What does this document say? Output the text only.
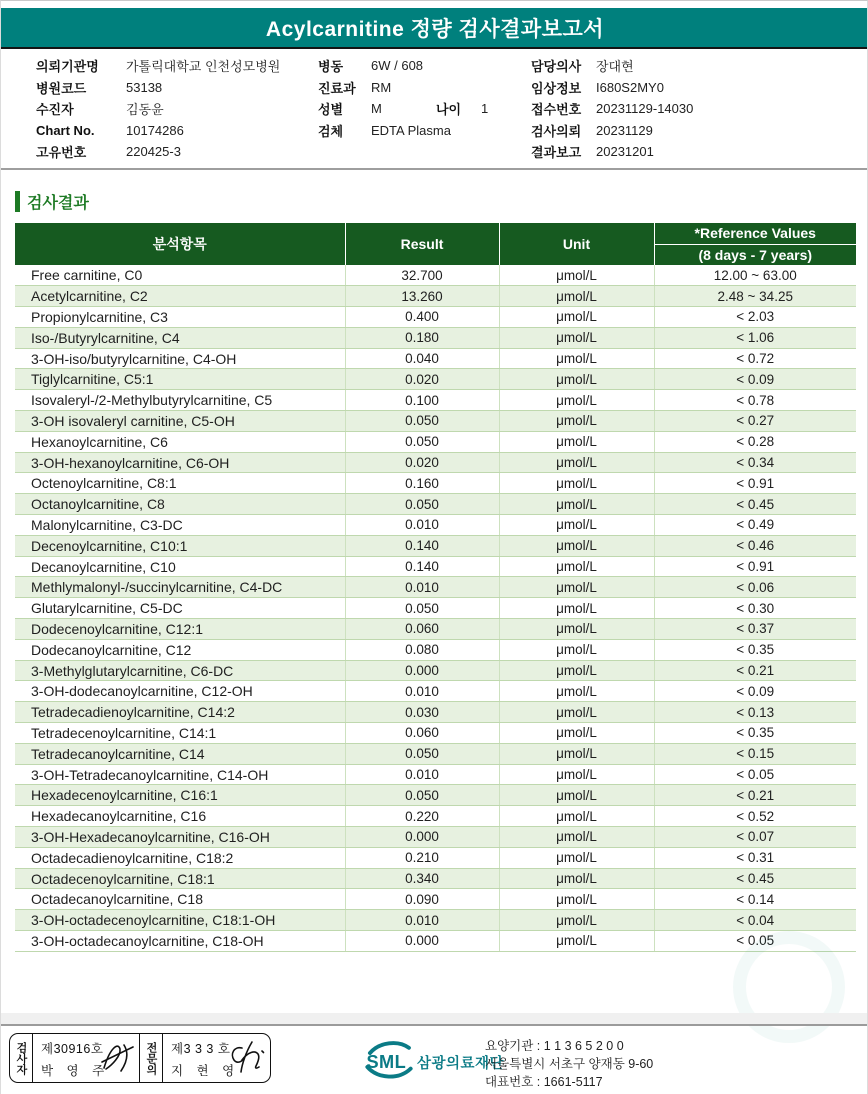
Acylcarnitine 정량 검사결과보고서
의뢰기관명	가톨릭대학교 인천성모병원
병원코드	53138
수진자	김동윤
Chart No.	10174286
고유번호	220425-3
병동	6W / 608
진료과	RM
성별	M	나이	1
검체	EDTA Plasma
담당의사	장대현
임상정보	I680S2MY0
접수번호	20231129-14030
검사의뢰	20231129
결과보고	20231201
검사결과
분석항목	Result	Unit	*Reference Values
			(8 days - 7 years)
Free carnitine, C0	32.700	μmol/L	12.00 ~ 63.00
Acetylcarnitine, C2	13.260	μmol/L	2.48 ~ 34.25
Propionylcarnitine, C3	0.400	μmol/L	< 2.03
Iso-/Butyrylcarnitine, C4	0.180	μmol/L	< 1.06
3-OH-iso/butyrylcarnitine, C4-OH	0.040	μmol/L	< 0.72
Tiglylcarnitine, C5:1	0.020	μmol/L	< 0.09
Isovaleryl-/2-Methylbutyrylcarnitine, C5	0.100	μmol/L	< 0.78
3-OH isovaleryl carnitine, C5-OH	0.050	μmol/L	< 0.27
Hexanoylcarnitine, C6	0.050	μmol/L	< 0.28
3-OH-hexanoylcarnitine, C6-OH	0.020	μmol/L	< 0.34
Octenoylcarnitine, C8:1	0.160	μmol/L	< 0.91
Octanoylcarnitine, C8	0.050	μmol/L	< 0.45
Malonylcarnitine, C3-DC	0.010	μmol/L	< 0.49
Decenoylcarnitine, C10:1	0.140	μmol/L	< 0.46
Decanoylcarnitine, C10	0.140	μmol/L	< 0.91
Methlymalonyl-/succinylcarnitine, C4-DC	0.010	μmol/L	< 0.06
Glutarylcarnitine, C5-DC	0.050	μmol/L	< 0.30
Dodecenoylcarnitine, C12:1	0.060	μmol/L	< 0.37
Dodecanoylcarnitine, C12	0.080	μmol/L	< 0.35
3-Methylglutarylcarnitine, C6-DC	0.000	μmol/L	< 0.21
3-OH-dodecanoylcarnitine, C12-OH	0.010	μmol/L	< 0.09
Tetradecadienoylcarnitine, C14:2	0.030	μmol/L	< 0.13
Tetradecenoylcarnitine, C14:1	0.060	μmol/L	< 0.35
Tetradecanoylcarnitine, C14	0.050	μmol/L	< 0.15
3-OH-Tetradecanoylcarnitine, C14-OH	0.010	μmol/L	< 0.05
Hexadecenoylcarnitine, C16:1	0.050	μmol/L	< 0.21
Hexadecanoylcarnitine, C16	0.220	μmol/L	< 0.52
3-OH-Hexadecanoylcarnitine, C16-OH	0.000	μmol/L	< 0.07
Octadecadienoylcarnitine, C18:2	0.210	μmol/L	< 0.31
Octadecenoylcarnitine, C18:1	0.340	μmol/L	< 0.45
Octadecanoylcarnitine, C18	0.090	μmol/L	< 0.14
3-OH-octadecenoylcarnitine, C18:1-OH	0.010	μmol/L	< 0.04
3-OH-octadecanoylcarnitine, C18-OH	0.000	μmol/L	< 0.05
검사자	제30916호
박 영 주	전문의	제3 3 3 호
지 현 영	SML 삼광의료재단
요양기관 : 1 1 3 6 5 2 0 0
서울특별시 서초구 양재동 9-60
대표번호 : 1661-5117
